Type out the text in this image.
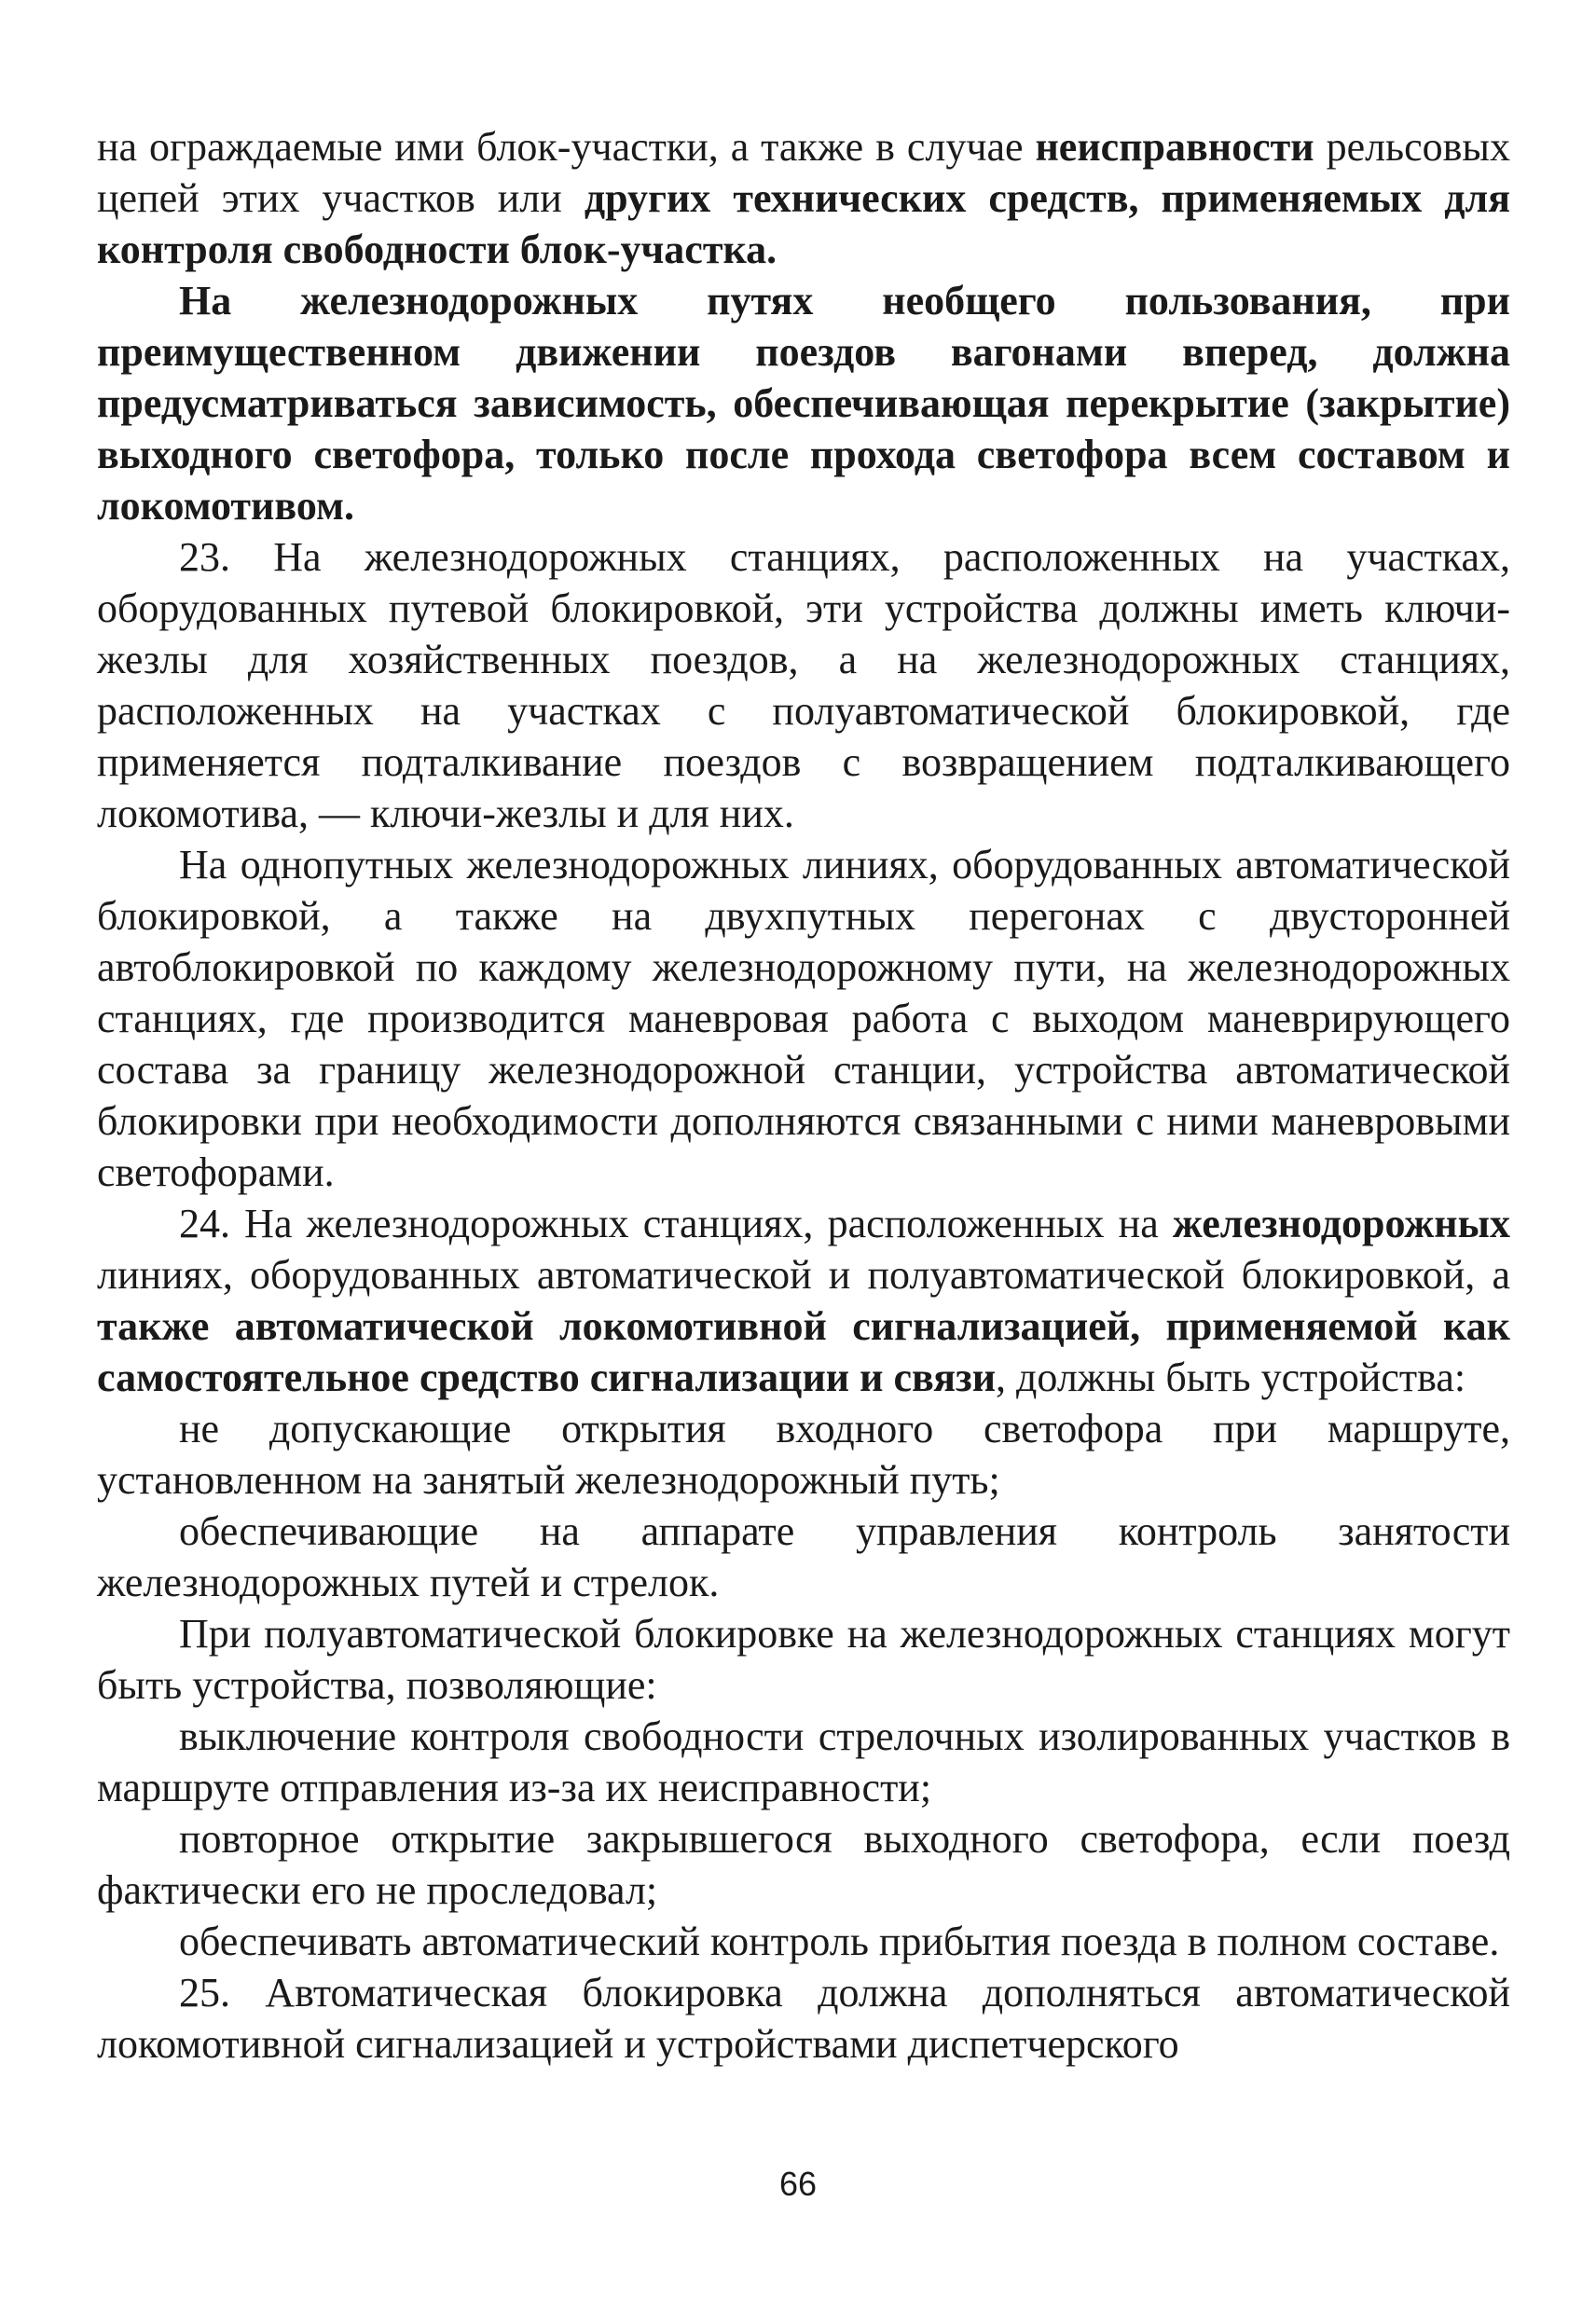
на ограждаемые ими блок-участки, а также в случае неисправности рельсовых цепей этих участков или других технических средств, применяемых для контроля свободности блок-участка.

На железнодорожных путях необщего пользования, при преимущественном движении поездов вагонами вперед, должна предусматриваться зависимость, обеспечивающая перекрытие (закрытие) выходного светофора, только после прохода светофора всем составом и локомотивом.

23. На железнодорожных станциях, расположенных на участках, оборудованных путевой блокировкой, эти устройства должны иметь ключи-жезлы для хозяйственных поездов, а на железнодорожных станциях, расположенных на участках с полуавтоматической блокировкой, где применяется подталкивание поездов с возвращением подталкивающего локомотива, — ключи-жезлы и для них.

На однопутных железнодорожных линиях, оборудованных автоматической блокировкой, а также на двухпутных перегонах с двусторонней автоблокировкой по каждому железнодорожному пути, на железнодорожных станциях, где производится маневровая работа с выходом маневрирующего состава за границу железнодорожной станции, устройства автоматической блокировки при необходимости дополняются связанными с ними маневровыми светофорами.

24. На железнодорожных станциях, расположенных на железнодорожных линиях, оборудованных автоматической и полуавтоматической блокировкой, а также автоматической локомотивной сигнализацией, применяемой как самостоятельное средство сигнализации и связи, должны быть устройства:

не допускающие открытия входного светофора при маршруте, установленном на занятый железнодорожный путь;

обеспечивающие на аппарате управления контроль занятости железнодорожных путей и стрелок.

При полуавтоматической блокировке на железнодорожных станциях могут быть устройства, позволяющие:

выключение контроля свободности стрелочных изолированных участков в маршруте отправления из-за их неисправности;

повторное открытие закрывшегося выходного светофора, если поезд фактически его не проследовал;

обеспечивать автоматический контроль прибытия поезда в полном составе.

25. Автоматическая блокировка должна дополняться автоматической локомотивной сигнализацией и устройствами диспетчерского

66
